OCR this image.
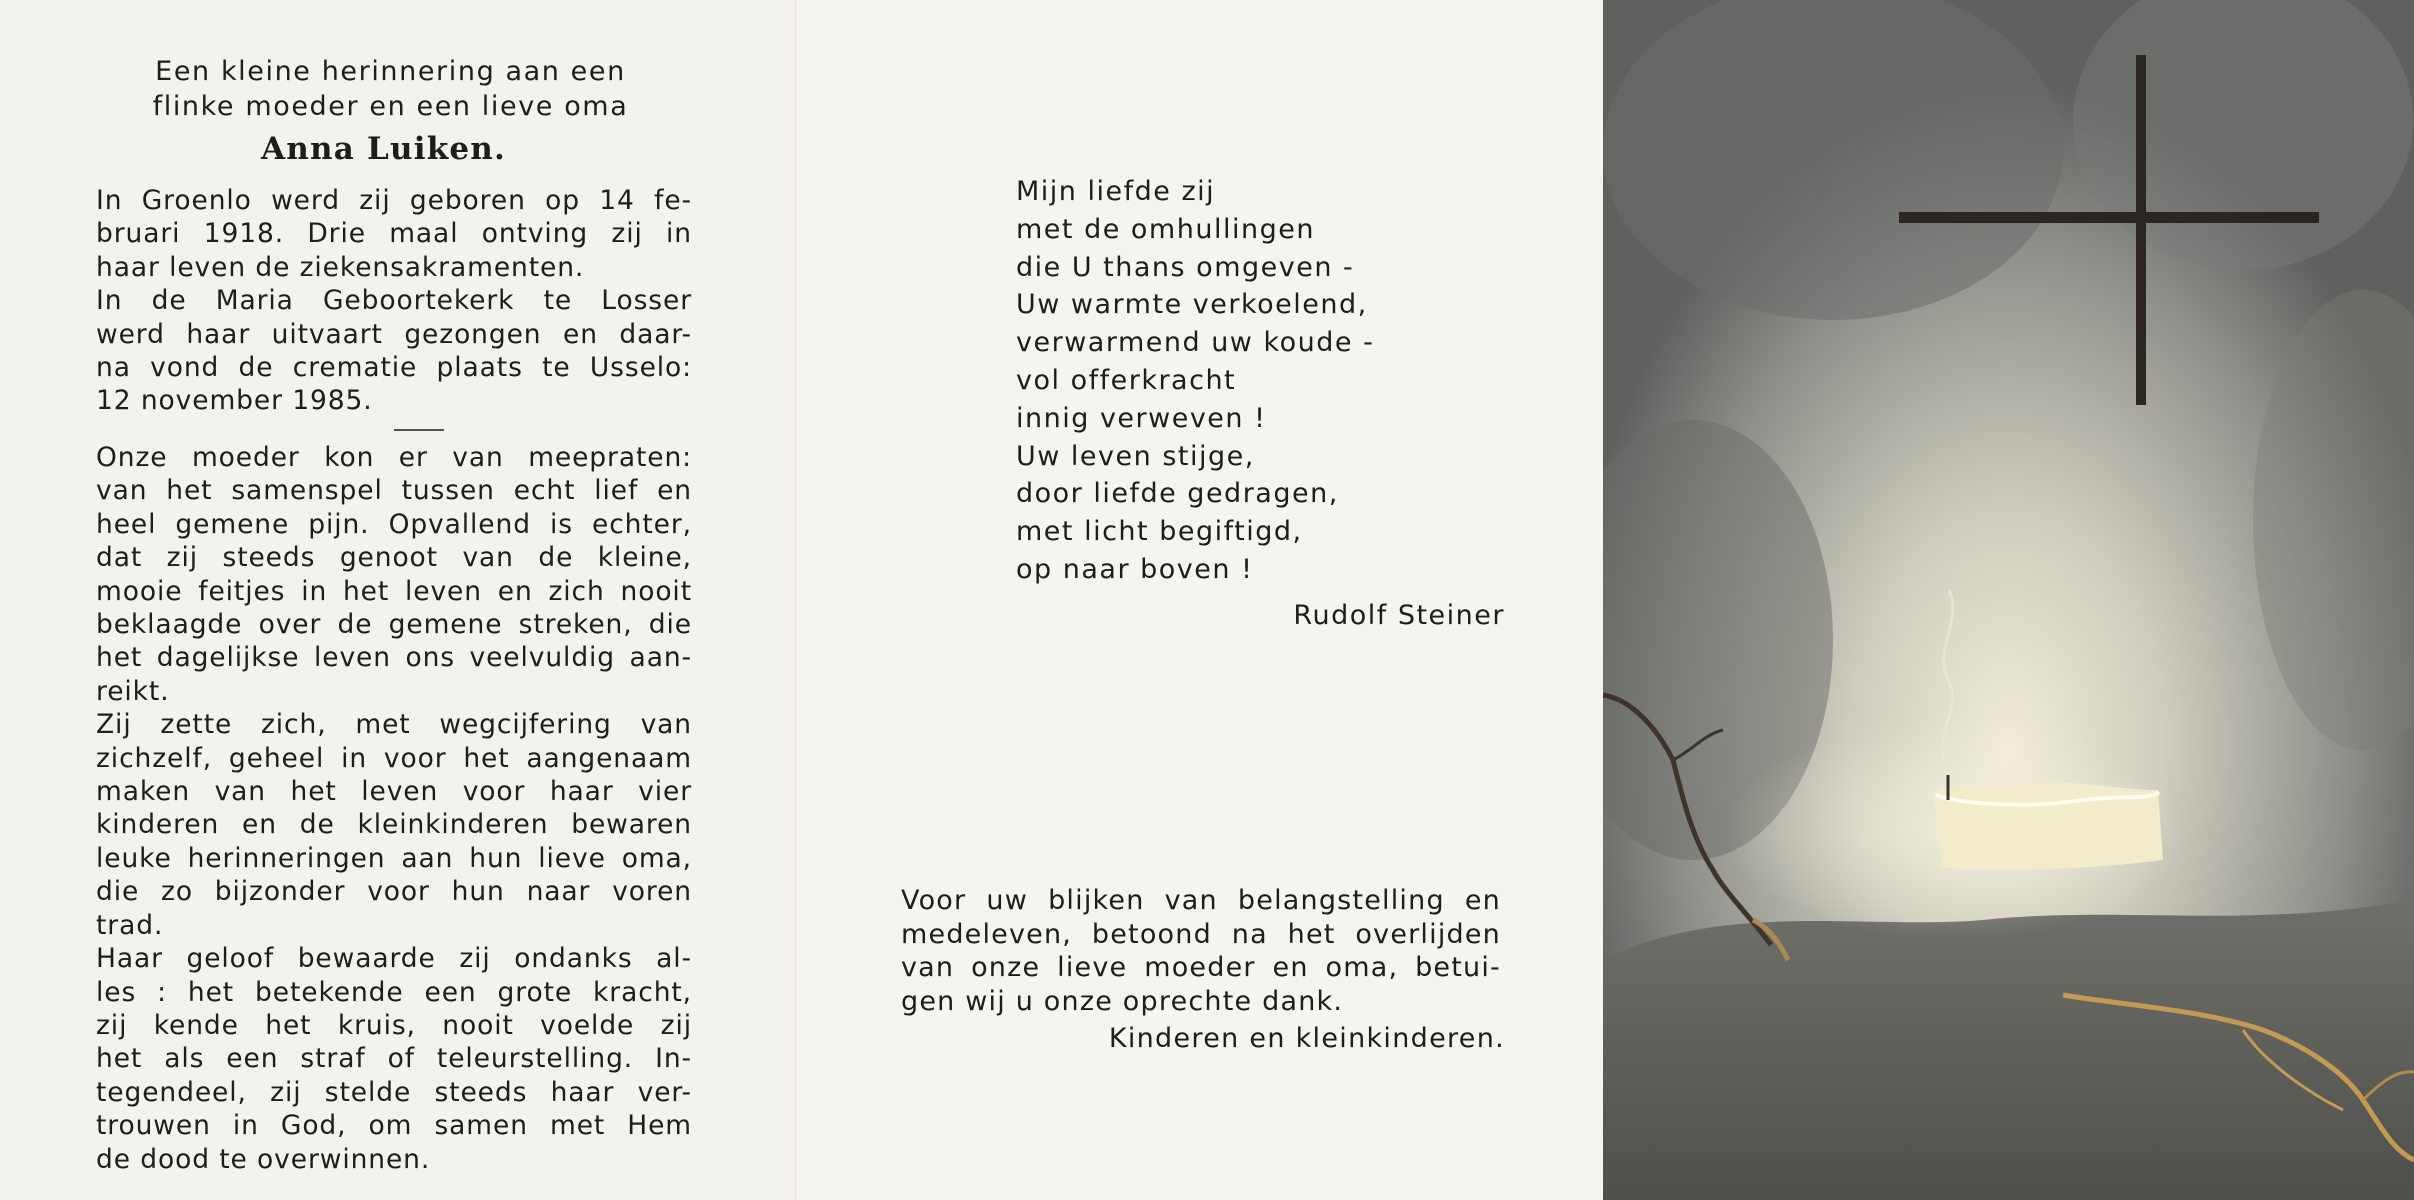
Een kleine herinnering aan een
flinke moeder en een lieve oma
Anna Luiken.
In Groenlo werd zij geboren op 14 fe-
bruari 1918. Drie maal ontving zij in
haar leven de ziekensakramenten.
In de Maria Geboortekerk te Losser
werd haar uitvaart gezongen en daar-
na vond de crematie plaats te Usselo:
12 november 1985.
Onze moeder kon er van meepraten:
van het samenspel tussen echt lief en
heel gemene pijn. Opvallend is echter,
dat zij steeds genoot van de kleine,
mooie feitjes in het leven en zich nooit
beklaagde over de gemene streken, die
het dagelijkse leven ons veelvuldig aan-
reikt.
Zij zette zich, met wegcijfering van
zichzelf, geheel in voor het aangenaam
maken van het leven voor haar vier
kinderen en de kleinkinderen bewaren
leuke herinneringen aan hun lieve oma,
die zo bijzonder voor hun naar voren
trad.
Haar geloof bewaarde zij ondanks al-
les : het betekende een grote kracht,
zij kende het kruis, nooit voelde zij
het als een straf of teleurstelling. In-
tegendeel, zij stelde steeds haar ver-
trouwen in God, om samen met Hem
de dood te overwinnen.
Mijn liefde zij
met de omhullingen
die U thans omgeven -
Uw warmte verkoelend,
verwarmend uw koude -
vol offerkracht
innig verweven !
Uw leven stijge,
door liefde gedragen,
met licht begiftigd,
op naar boven !
Rudolf Steiner
Voor uw blijken van belangstelling en
medeleven, betoond na het overlijden
van onze lieve moeder en oma, betui-
gen wij u onze oprechte dank.
Kinderen en kleinkinderen.
